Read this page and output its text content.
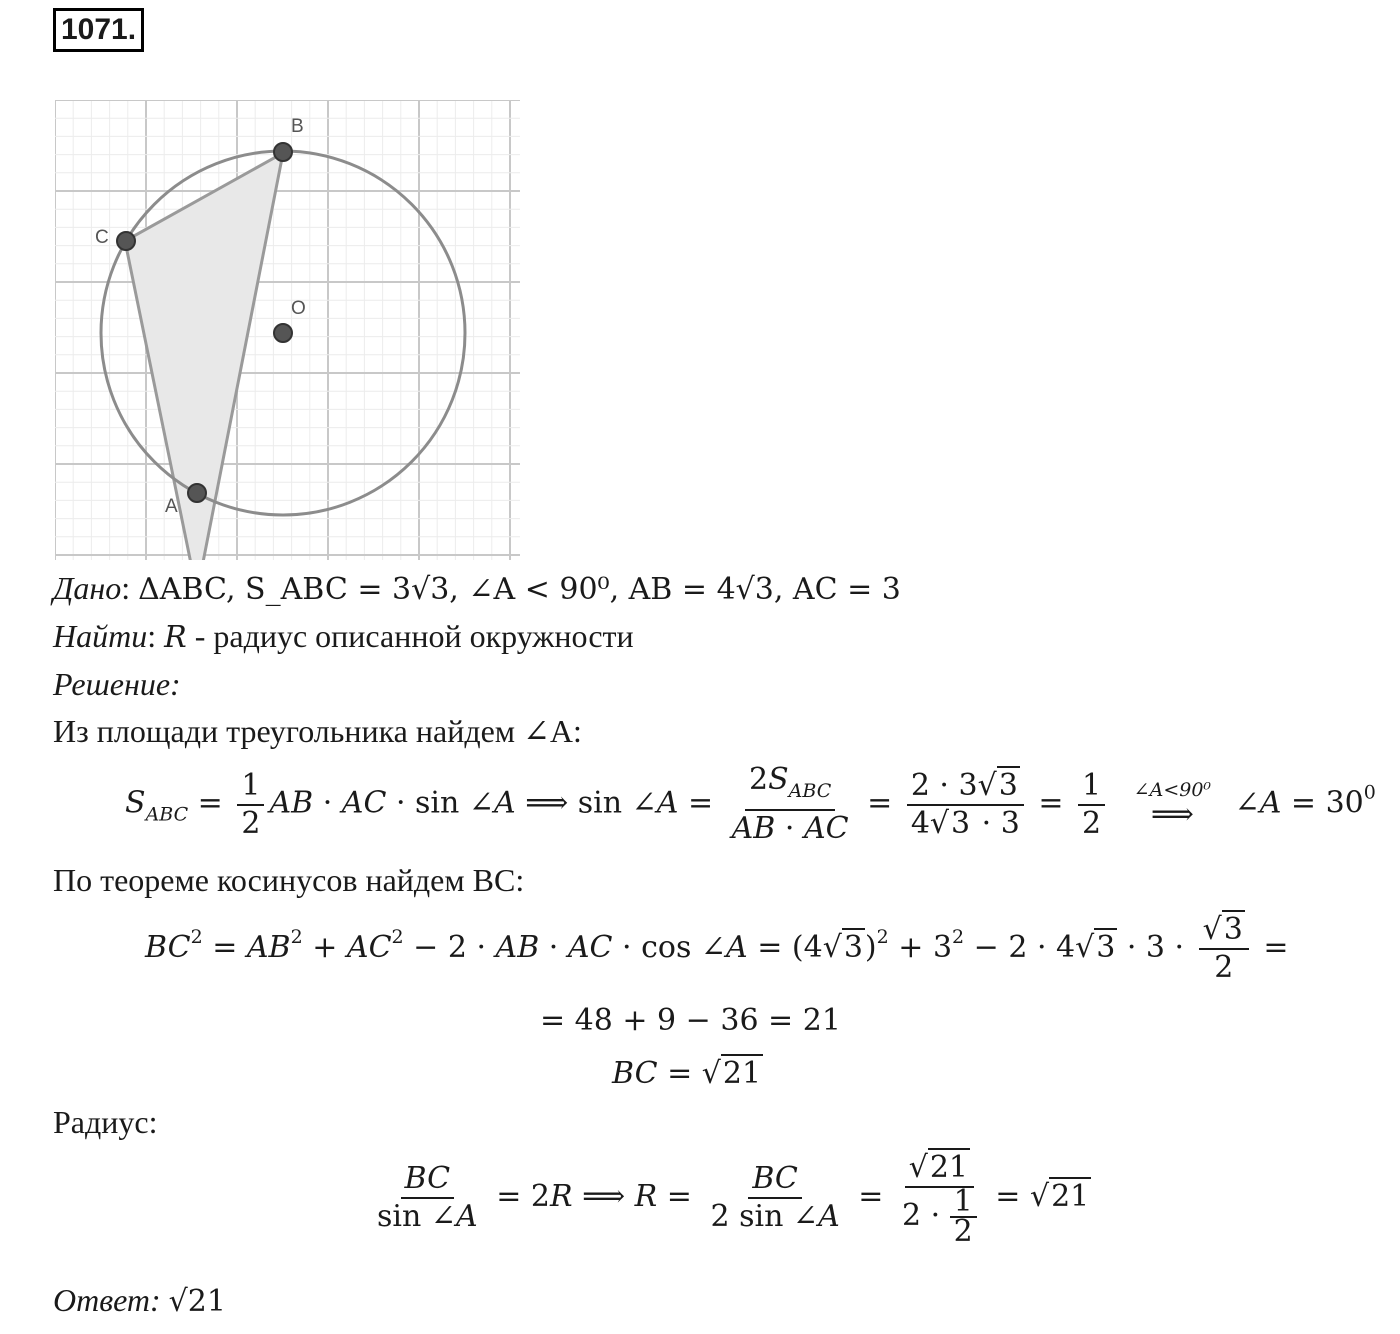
1071.
A
B
C
O
Дано: ΔABC, S_ABC = 3√3, ∠A < 90⁰, AB = 4√3, AC = 3
Найти: R - радиус описанной окружности
Решение:
Из площади треугольника найдем ∠A:
$S_{ABC} = \frac{1}{2}$ AB · AC · sin ∠A ⟹ sin ∠A = $\frac{2S_{ABC}}{AB \cdot AC} = \frac{2 \cdot 3√3}{4√3 \cdot 3} = \frac{1}{2}$
∠A<90⁰
⟹ ∠A = $30^0$
По теореме косинусов найдем BC:
$BC^2 = AB^2 + AC^2 - 2$ · AB · AC · cos ∠A = $(4√3)^2 + 3^2 - 2 \cdot 4√3 \cdot 3 \cdot \frac{√3}{2}$ =
= 48 + 9 − 36 = 21
BC = √21
Радиус:
$\frac{BC}{\sin \angle A} = 2R$ ⟹ $R = \frac{BC}{2 \sin \angle A} = \frac{√21}{2 \cdot \frac{1}{2}} = √21$
Ответ: √21
